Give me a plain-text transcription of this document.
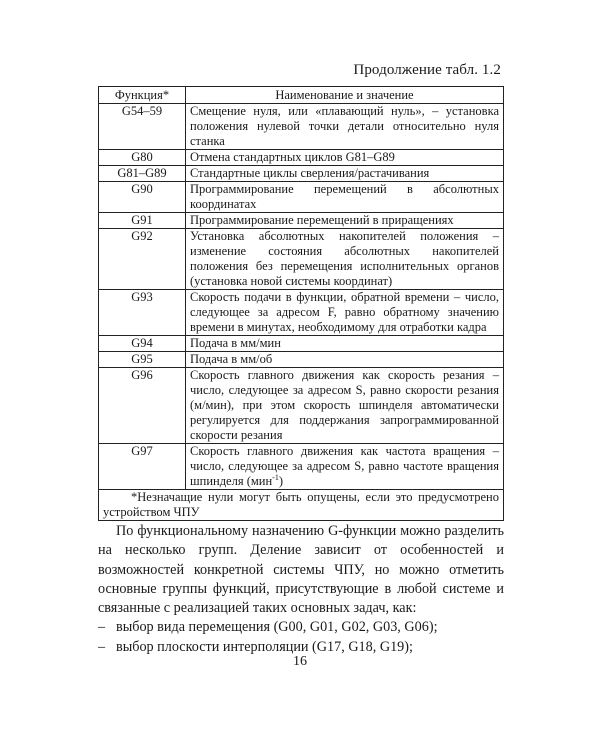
Продолжение табл. 1.2
Функция*	Наименование и значение
G54–59	Смещение нуля, или «плавающий нуль», – установка положения нулевой точки детали относительно нуля станка
G80	Отмена стандартных циклов G81–G89
G81–G89	Стандартные циклы сверления/растачивания
G90	Программирование перемещений в абсолютных координатах
G91	Программирование перемещений в приращениях
G92	Установка абсолютных накопителей положения – изменение состояния абсолютных накопителей положения без перемещения исполнительных органов (установка новой системы координат)
G93	Скорость подачи в функции, обратной времени – число, следующее за адресом F, равно обратному значению времени в минутах, необходимому для отработки кадра
G94	Подача в мм/мин
G95	Подача в мм/об
G96	Скорость главного движения как скорость резания – число, следующее за адресом S, равно скорости резания (м/мин), при этом скорость шпинделя автоматически регулируется для поддержания запрограммированной скорости резания
G97	Скорость главного движения как частота вращения – число, следующее за адресом S, равно частоте вращения шпинделя (мин$^{-1}$)
*Незначащие нули могут быть опущены, если это предусмотрено устройством ЧПУ	

По функциональному назначению G-функции можно разделить на несколько групп. Деление зависит от особенностей и возможностей конкретной системы ЧПУ, но можно отметить основные группы функций, присутствующие в любой системе и связанные с реализацией таких основных задач, как:

– выбор вида перемещения (G00, G01, G02, G03, G06);
– выбор плоскости интерполяции (G17, G18, G19);
16
